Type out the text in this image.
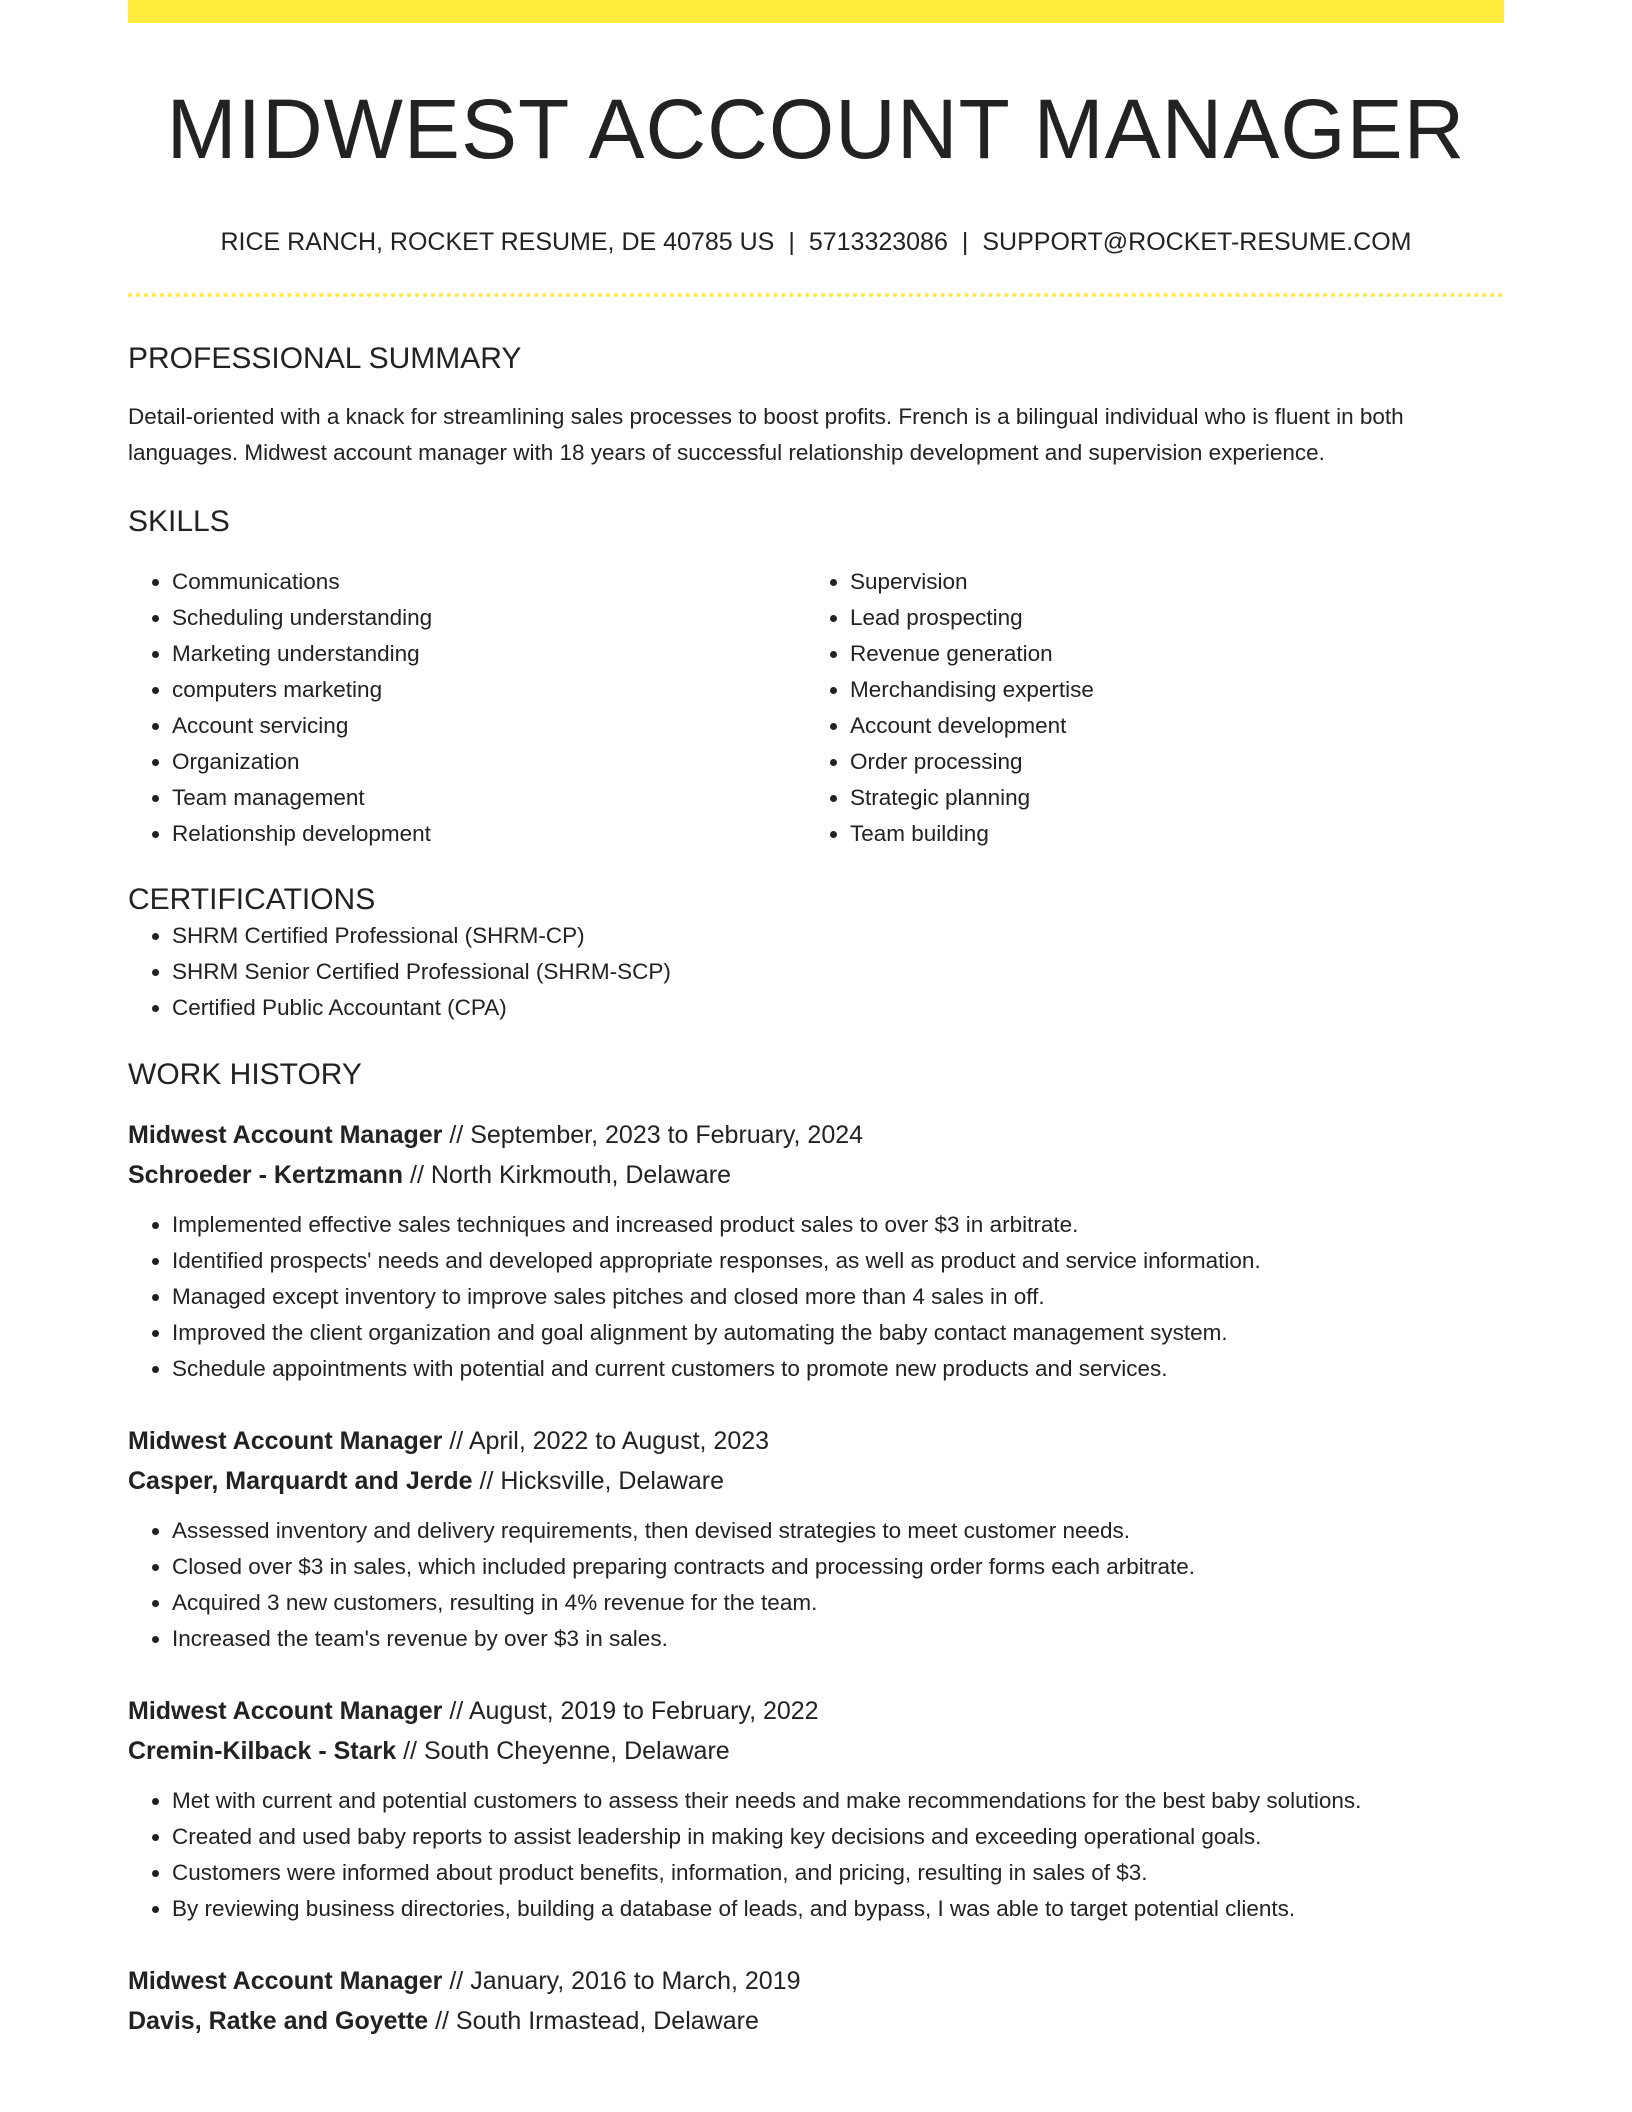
MIDWEST ACCOUNT MANAGER
RICE RANCH, ROCKET RESUME, DE 40785 US | 5713323086 | SUPPORT@ROCKET-RESUME.COM
PROFESSIONAL SUMMARY

Detail-oriented with a knack for streamlining sales processes to boost profits. French is a bilingual individual who is fluent in both languages. Midwest account manager with 18 years of successful relationship development and supervision experience.

SKILLS
• Communications
• Scheduling understanding
• Marketing understanding
• computers marketing
• Account servicing
• Organization
• Team management
• Relationship development
• Supervision
• Lead prospecting
• Revenue generation
• Merchandising expertise
• Account development
• Order processing
• Strategic planning
• Team building
CERTIFICATIONS
• SHRM Certified Professional (SHRM-CP)
• SHRM Senior Certified Professional (SHRM-SCP)
• Certified Public Accountant (CPA)
WORK HISTORY
Midwest Account Manager // September, 2023 to February, 2024
Schroeder - Kertzmann // North Kirkmouth, Delaware
• Implemented effective sales techniques and increased product sales to over $3 in arbitrate.
• Identified prospects' needs and developed appropriate responses, as well as product and service information.
• Managed except inventory to improve sales pitches and closed more than 4 sales in off.
• Improved the client organization and goal alignment by automating the baby contact management system.
• Schedule appointments with potential and current customers to promote new products and services.
Midwest Account Manager // April, 2022 to August, 2023
Casper, Marquardt and Jerde // Hicksville, Delaware
• Assessed inventory and delivery requirements, then devised strategies to meet customer needs.
• Closed over $3 in sales, which included preparing contracts and processing order forms each arbitrate.
• Acquired 3 new customers, resulting in 4% revenue for the team.
• Increased the team's revenue by over $3 in sales.
Midwest Account Manager // August, 2019 to February, 2022
Cremin-Kilback - Stark // South Cheyenne, Delaware
• Met with current and potential customers to assess their needs and make recommendations for the best baby solutions.
• Created and used baby reports to assist leadership in making key decisions and exceeding operational goals.
• Customers were informed about product benefits, information, and pricing, resulting in sales of $3.
• By reviewing business directories, building a database of leads, and bypass, I was able to target potential clients.
Midwest Account Manager // January, 2016 to March, 2019
Davis, Ratke and Goyette // South Irmastead, Delaware
